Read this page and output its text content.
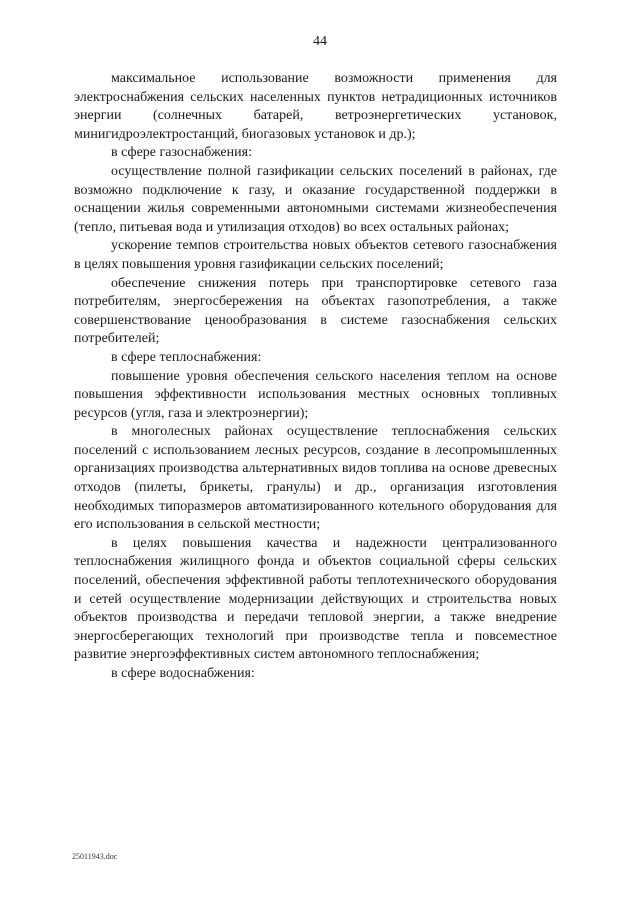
44

максимальное использование возможности применения для электроснабжения сельских населенных пунктов нетрадиционных источников энергии (солнечных батарей, ветроэнергетических установок, минигидроэлектростанций, биогазовых установок и др.);

в сфере газоснабжения:

осуществление полной газификации сельских поселений в районах, где возможно подключение к газу, и оказание государственной поддержки в оснащении жилья современными автономными системами жизнеобеспечения (тепло, питьевая вода и утилизация отходов) во всех остальных районах;

ускорение темпов строительства новых объектов сетевого газоснабжения в целях повышения уровня газификации сельских поселений;

обеспечение снижения потерь при транспортировке сетевого газа потребителям, энергосбережения на объектах газопотребления, а также совершенствование ценообразования в системе газоснабжения сельских потребителей;

в сфере теплоснабжения:

повышение уровня обеспечения сельского населения теплом на основе повышения эффективности использования местных основных топливных ресурсов (угля, газа и электроэнергии);

в многолесных районах осуществление теплоснабжения сельских поселений с использованием лесных ресурсов, создание в лесопромышленных организациях производства альтернативных видов топлива на основе древесных отходов (пилеты, брикеты, гранулы) и др., организация изготовления необходимых типоразмеров автоматизированного котельного оборудования для его использования в сельской местности;

в целях повышения качества и надежности централизованного теплоснабжения жилищного фонда и объектов социальной сферы сельских поселений, обеспечения эффективной работы теплотехнического оборудования и сетей осуществление модернизации действующих и строительства новых объектов производства и передачи тепловой энергии, а также внедрение энергосберегающих технологий при производстве тепла и повсеместное развитие энергоэффективных систем автономного теплоснабжения;

в сфере водоснабжения:

25011943.doc
